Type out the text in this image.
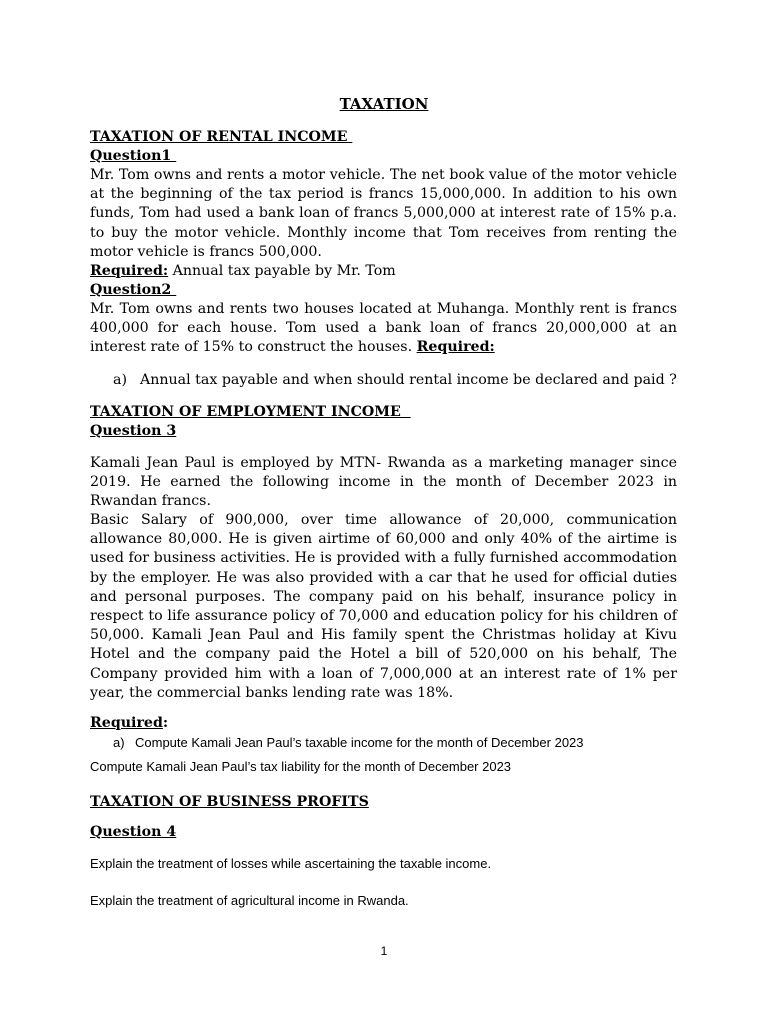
TAXATION
TAXATION OF RENTAL INCOME
Question1

Mr. Tom owns and rents a motor vehicle. The net book value of the motor vehicle at the beginning of the tax period is francs 15,000,000. In addition to his own funds, Tom had used a bank loan of francs 5,000,000 at interest rate of 15% p.a. to buy the motor vehicle. Monthly income that Tom receives from renting the motor vehicle is francs 500,000.

Required: Annual tax payable by Mr. Tom

Question2

Mr. Tom owns and rents two houses located at Muhanga. Monthly rent is francs 400,000 for each house. Tom used a bank loan of francs 20,000,000 at an interest rate of 15% to construct the houses. Required:

a) Annual tax payable and when should rental income be declared and paid ?

TAXATION OF EMPLOYMENT INCOME
Question 3

Kamali Jean Paul is employed by MTN- Rwanda as a marketing manager since 2019. He earned the following income in the month of December 2023 in Rwandan francs.

Basic Salary of 900,000, over time allowance of 20,000, communication allowance 80,000. He is given airtime of 60,000 and only 40% of the airtime is used for business activities. He is provided with a fully furnished accommodation by the employer. He was also provided with a car that he used for official duties and personal purposes. The company paid on his behalf, insurance policy in respect to life assurance policy of 70,000 and education policy for his children of 50,000. Kamali Jean Paul and His family spent the Christmas holiday at Kivu Hotel and the company paid the Hotel a bill of 520,000 on his behalf, The Company provided him with a loan of 7,000,000 at an interest rate of 1% per year, the commercial banks lending rate was 18%.

Required:

a) Compute Kamali Jean Paul’s taxable income for the month of December 2023

Compute Kamali Jean Paul’s tax liability for the month of December 2023

TAXATION OF BUSINESS PROFITS
Question 4

Explain the treatment of losses while ascertaining the taxable income.

Explain the treatment of agricultural income in Rwanda.

1
